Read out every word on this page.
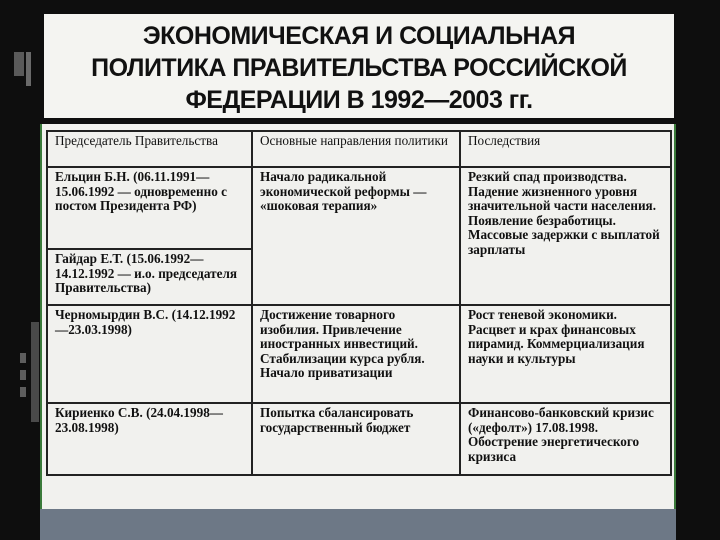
ЭКОНОМИЧЕСКАЯ И СОЦИАЛЬНАЯ
ПОЛИТИКА ПРАВИТЕЛЬСТВА РОССИЙСКОЙ
ФЕДЕРАЦИИ В 1992—2003 гг.
Председатель Правительства	Основные направления политики	Последствия
Ельцин Б.Н. (06.11.1991—15.06.1992 — одновременно с постом Президента РФ)	Начало радикальной экономической реформы — «шоковая терапия»	Резкий спад производства. Падение жизненного уровня значительной части населения. Появление безработицы. Массовые задержки с выплатой зарплаты
Гайдар Е.Т. (15.06.1992—14.12.1992 — и.о. председателя Правительства)		
Черномырдин В.С. (14.12.1992—23.03.1998)	Достижение товарного изобилия. Привлечение иностранных инвестиций. Стабилизации курса рубля. Начало приватизации	Рост теневой экономики. Расцвет и крах финансовых пирамид. Коммерциализация науки и культуры
Кириенко С.В. (24.04.1998—23.08.1998)	Попытка сбалансировать государственный бюджет	Финансово-банковский кризис («дефолт») 17.08.1998. Обострение энергетического кризиса
